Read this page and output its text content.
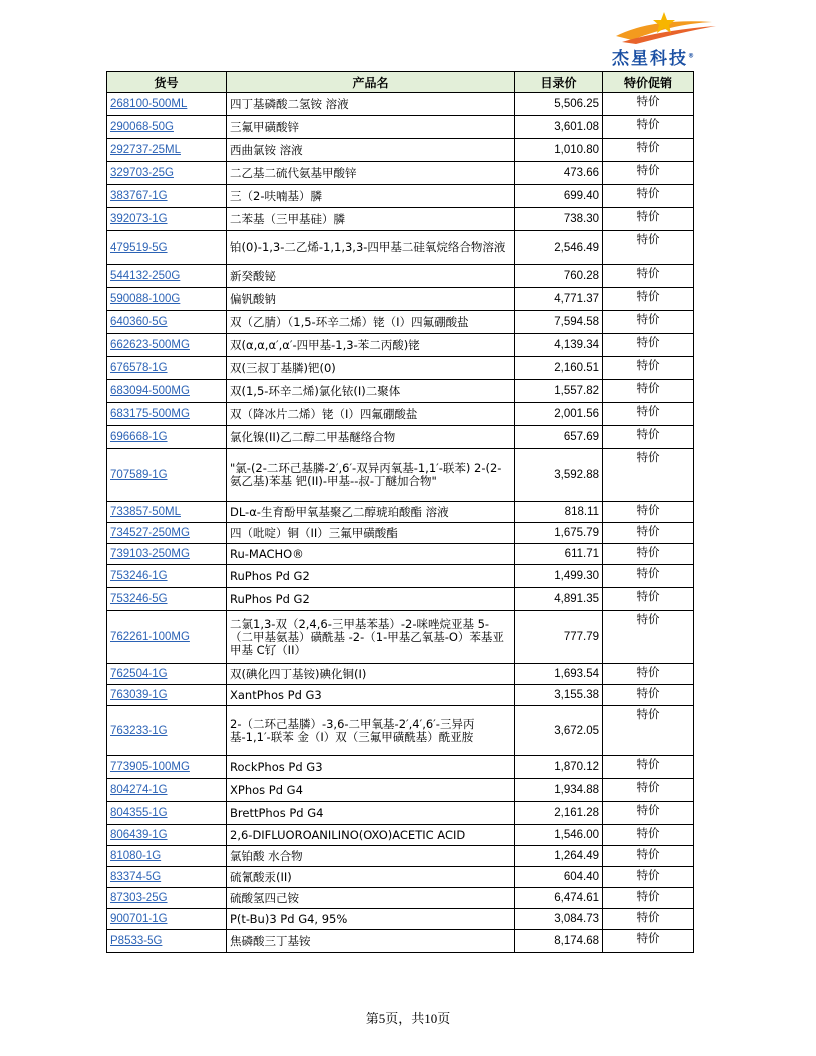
杰星科技®
货号	产品名	目录价	特价促销
268100-500ML	四丁基磷酸二氢铵 溶液	5,506.25	特价
290068-50G	三氟甲磺酸锌	3,601.08	特价
292737-25ML	西曲氯铵 溶液	1,010.80	特价
329703-25G	二乙基二硫代氨基甲酸锌	473.66	特价
383767-1G	三（2-呋喃基）膦	699.40	特价
392073-1G	二苯基（三甲基硅）膦	738.30	特价
479519-5G	铂(0)-1,3-二乙烯-1,1,3,3-四甲基二硅氧烷络合物溶液	2,546.49	特价
544132-250G	新癸酸铋	760.28	特价
590088-100G	偏钒酸钠	4,771.37	特价
640360-5G	双（乙腈）（1,5-环辛二烯）铑（I）四氟硼酸盐	7,594.58	特价
662623-500MG	双(α,α,α′,α′-四甲基-1,3-苯二丙酸)铑	4,139.34	特价
676578-1G	双(三叔丁基膦)钯(0)	2,160.51	特价
683094-500MG	双(1,5-环辛二烯)氯化铱(I)二聚体	1,557.82	特价
683175-500MG	双（降冰片二烯）铑（I）四氟硼酸盐	2,001.56	特价
696668-1G	氯化镍(II)乙二醇二甲基醚络合物	657.69	特价
707589-1G	"氯-(2-二环己基膦-2′,6′-双异丙氧基-1,1′-联苯) 2-(2-氨乙基)苯基 钯(II)-甲基--叔-丁醚加合物"	3,592.88	特价
733857-50ML	DL-α-生育酚甲氧基聚乙二醇琥珀酸酯 溶液	818.11	特价
734527-250MG	四（吡啶）铜（II）三氟甲磺酸酯	1,675.79	特价
739103-250MG	Ru-MACHO®	611.71	特价
753246-1G	RuPhos Pd G2	1,499.30	特价
753246-5G	RuPhos Pd G2	4,891.35	特价
762261-100MG	二氯1,3-双（2,4,6-三甲基苯基）-2-咪唑烷亚基 5-（二甲基氨基）磺酰基 -2-（1-甲基乙氧基-O）苯基亚甲基 C钌（II）	777.79	特价
762504-1G	双(碘化四丁基铵)碘化铜(I)	1,693.54	特价
763039-1G	XantPhos Pd G3	3,155.38	特价
763233-1G	2-（二环己基膦）-3,6-二甲氧基-2′,4′,6′-三异丙基-1,1′-联苯 金（I）双（三氟甲磺酰基）酰亚胺	3,672.05	特价
773905-100MG	RockPhos Pd G3	1,870.12	特价
804274-1G	XPhos Pd G4	1,934.88	特价
804355-1G	BrettPhos Pd G4	2,161.28	特价
806439-1G	2,6-DIFLUOROANILINO(OXO)ACETIC ACID	1,546.00	特价
81080-1G	氯铂酸 水合物	1,264.49	特价
83374-5G	硫氰酸汞(II)	604.40	特价
87303-25G	硫酸氢四己铵	6,474.61	特价
900701-1G	P(t-Bu)3 Pd G4, 95%	3,084.73	特价
P8533-5G	焦磷酸三丁基铵	8,174.68	特价
第5页，共10页
